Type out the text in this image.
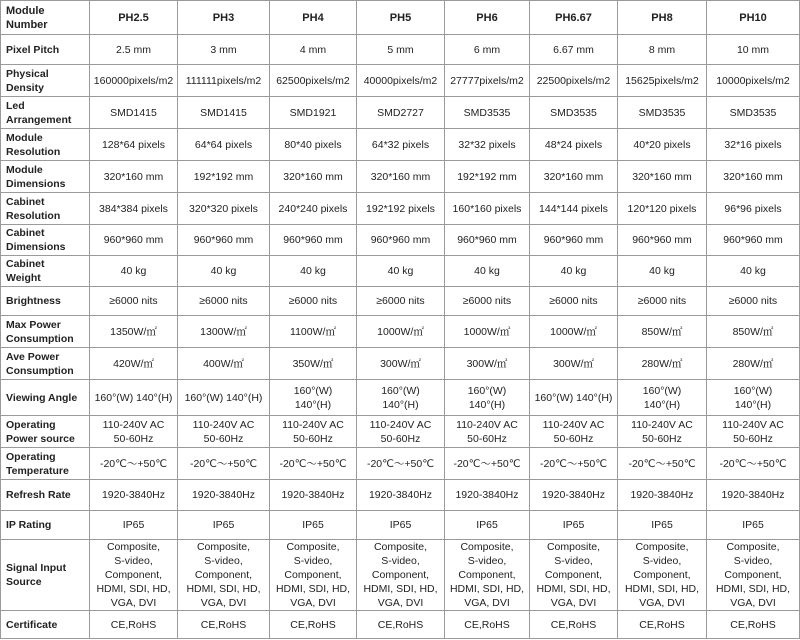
Module
Number	PH2.5	PH3	PH4	PH5	PH6	PH6.67	PH8	PH10

Pixel Pitch	2.5 mm	3 mm	4 mm	5 mm	6 mm	6.67 mm	8 mm	10 mm

Physical
Density	160000pixels/m2	111111pixels/m2	62500pixels/m2	40000pixels/m2	27777pixels/m2	22500pixels/m2	15625pixels/m2	10000pixels/m2

Led
Arrangement	SMD1415	SMD1415	SMD1921	SMD2727	SMD3535	SMD3535	SMD3535	SMD3535

Module
Resolution	128*64 pixels	64*64 pixels	80*40 pixels	64*32 pixels	32*32 pixels	48*24 pixels	40*20 pixels	32*16 pixels

Module
Dimensions	320*160 mm	192*192 mm	320*160 mm	320*160 mm	192*192 mm	320*160 mm	320*160 mm	320*160 mm

Cabinet
Resolution	384*384 pixels	320*320 pixels	240*240 pixels	192*192 pixels	160*160 pixels	144*144 pixels	120*120 pixels	96*96 pixels

Cabinet
Dimensions	960*960 mm	960*960 mm	960*960 mm	960*960 mm	960*960 mm	960*960 mm	960*960 mm	960*960 mm

Cabinet
Weight	40 kg	40 kg	40 kg	40 kg	40 kg	40 kg	40 kg	40 kg

Brightness	≥6000 nits	≥6000 nits	≥6000 nits	≥6000 nits	≥6000 nits	≥6000 nits	≥6000 nits	≥6000 nits

Max Power
Consumption	1350W/㎡	1300W/㎡	1100W/㎡	1000W/㎡	1000W/㎡	1000W/㎡	850W/㎡	850W/㎡

Ave Power
Consumption	420W/㎡	400W/㎡	350W/㎡	300W/㎡	300W/㎡	300W/㎡	280W/㎡	280W/㎡

Viewing Angle	160°(W) 140°(H)	160°(W) 140°(H)	160°(W)
140°(H)	160°(W)
140°(H)	160°(W)
140°(H)	160°(W) 140°(H)	160°(W)
140°(H)	160°(W)
140°(H)

Operating
Power source	110-240V AC
50-60Hz	110-240V AC
50-60Hz	110-240V AC
50-60Hz	110-240V AC
50-60Hz	110-240V AC
50-60Hz	110-240V AC
50-60Hz	110-240V AC
50-60Hz	110-240V AC
50-60Hz

Operating
Temperature	-20℃～+50℃	-20℃～+50℃	-20℃～+50℃	-20℃～+50℃	-20℃～+50℃	-20℃～+50℃	-20℃～+50℃	-20℃～+50℃

Refresh Rate	1920-3840Hz	1920-3840Hz	1920-3840Hz	1920-3840Hz	1920-3840Hz	1920-3840Hz	1920-3840Hz	1920-3840Hz

IP Rating	IP65	IP65	IP65	IP65	IP65	IP65	IP65	IP65

Signal Input
Source	Composite,
S-video,
Component,
HDMI, SDI, HD,
VGA, DVI	Composite,
S-video,
Component,
HDMI, SDI, HD,
VGA, DVI	Composite,
S-video,
Component,
HDMI, SDI, HD,
VGA, DVI	Composite,
S-video,
Component,
HDMI, SDI, HD,
VGA, DVI	Composite,
S-video,
Component,
HDMI, SDI, HD,
VGA, DVI	Composite,
S-video,
Component,
HDMI, SDI, HD,
VGA, DVI	Composite,
S-video,
Component,
HDMI, SDI, HD,
VGA, DVI	Composite,
S-video,
Component,
HDMI, SDI, HD,
VGA, DVI

Certificate	CE,RoHS	CE,RoHS	CE,RoHS	CE,RoHS	CE,RoHS	CE,RoHS	CE,RoHS	CE,RoHS
